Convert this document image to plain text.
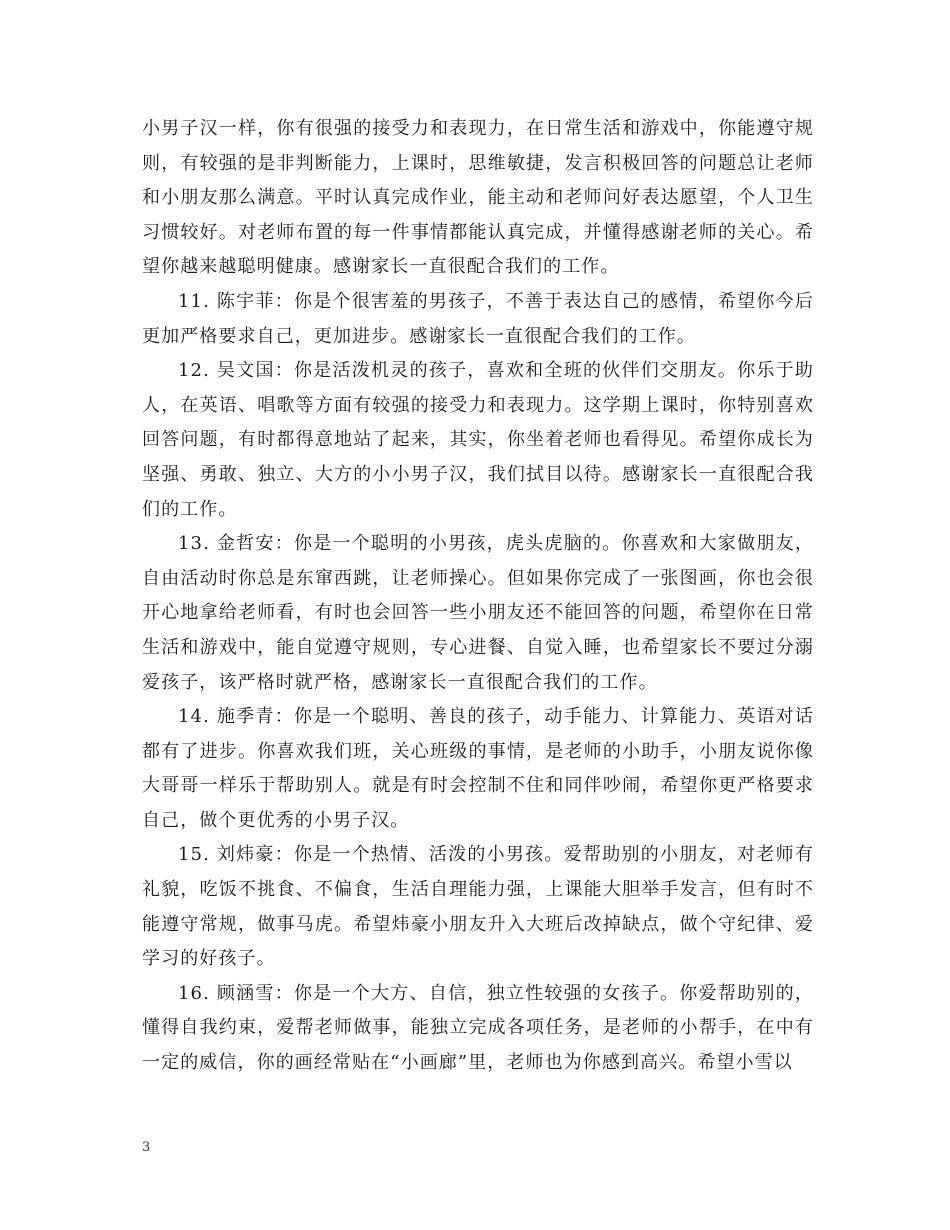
小男子汉一样，你有很强的接受力和表现力，在日常生活和游戏中，你能遵守规则，有较强的是非判断能力，上课时，思维敏捷，发言积极回答的问题总让老师和小朋友那么满意。平时认真完成作业，能主动和老师问好表达愿望，个人卫生习惯较好。对老师布置的每一件事情都能认真完成，并懂得感谢老师的关心。希望你越来越聪明健康。感谢家长一直很配合我们的工作。

11. 陈宇菲：你是个很害羞的男孩子，不善于表达自己的感情，希望你今后更加严格要求自己，更加进步。感谢家长一直很配合我们的工作。

12. 吴文国：你是活泼机灵的孩子，喜欢和全班的伙伴们交朋友。你乐于助人，在英语、唱歌等方面有较强的接受力和表现力。这学期上课时，你特别喜欢回答问题，有时都得意地站了起来，其实，你坐着老师也看得见。希望你成长为坚强、勇敢、独立、大方的小小男子汉，我们拭目以待。感谢家长一直很配合我们的工作。

13. 金哲安：你是一个聪明的小男孩，虎头虎脑的。你喜欢和大家做朋友，自由活动时你总是东窜西跳，让老师操心。但如果你完成了一张图画，你也会很开心地拿给老师看，有时也会回答一些小朋友还不能回答的问题，希望你在日常生活和游戏中，能自觉遵守规则，专心进餐、自觉入睡，也希望家长不要过分溺爱孩子，该严格时就严格，感谢家长一直很配合我们的工作。

14. 施季青：你是一个聪明、善良的孩子，动手能力、计算能力、英语对话都有了进步。你喜欢我们班，关心班级的事情，是老师的小助手，小朋友说你像大哥哥一样乐于帮助别人。就是有时会控制不住和同伴吵闹，希望你更严格要求自己，做个更优秀的小男子汉。

15. 刘炜豪：你是一个热情、活泼的小男孩。爱帮助别的小朋友，对老师有礼貌，吃饭不挑食、不偏食，生活自理能力强，上课能大胆举手发言，但有时不能遵守常规，做事马虎。希望炜豪小朋友升入大班后改掉缺点，做个守纪律、爱学习的好孩子。

16. 顾涵雪：你是一个大方、自信，独立性较强的女孩子。你爱帮助别的，懂得自我约束，爱帮老师做事，能独立完成各项任务，是老师的小帮手，在中有一定的威信，你的画经常贴在“小画廊”里，老师也为你感到高兴。希望小雪以

3
